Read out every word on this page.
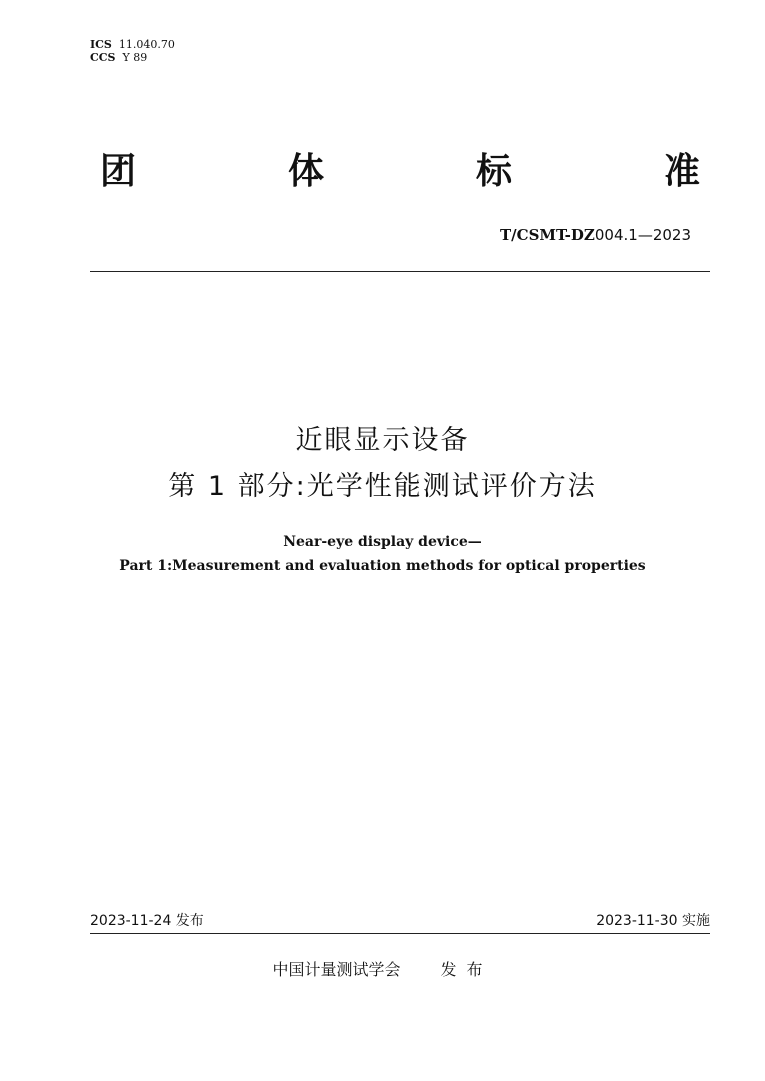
ICS 11.040.70
CCS Y 89
团	体	标	准
T/CSMT-DZ004.1—2023
近眼显示设备
第 1 部分:光学性能测试评价方法
Near-eye display device—
Part 1:Measurement and evaluation methods for optical properties
2023-11-24 发布	2023-11-30 实施
中国计量测试学会	发布
